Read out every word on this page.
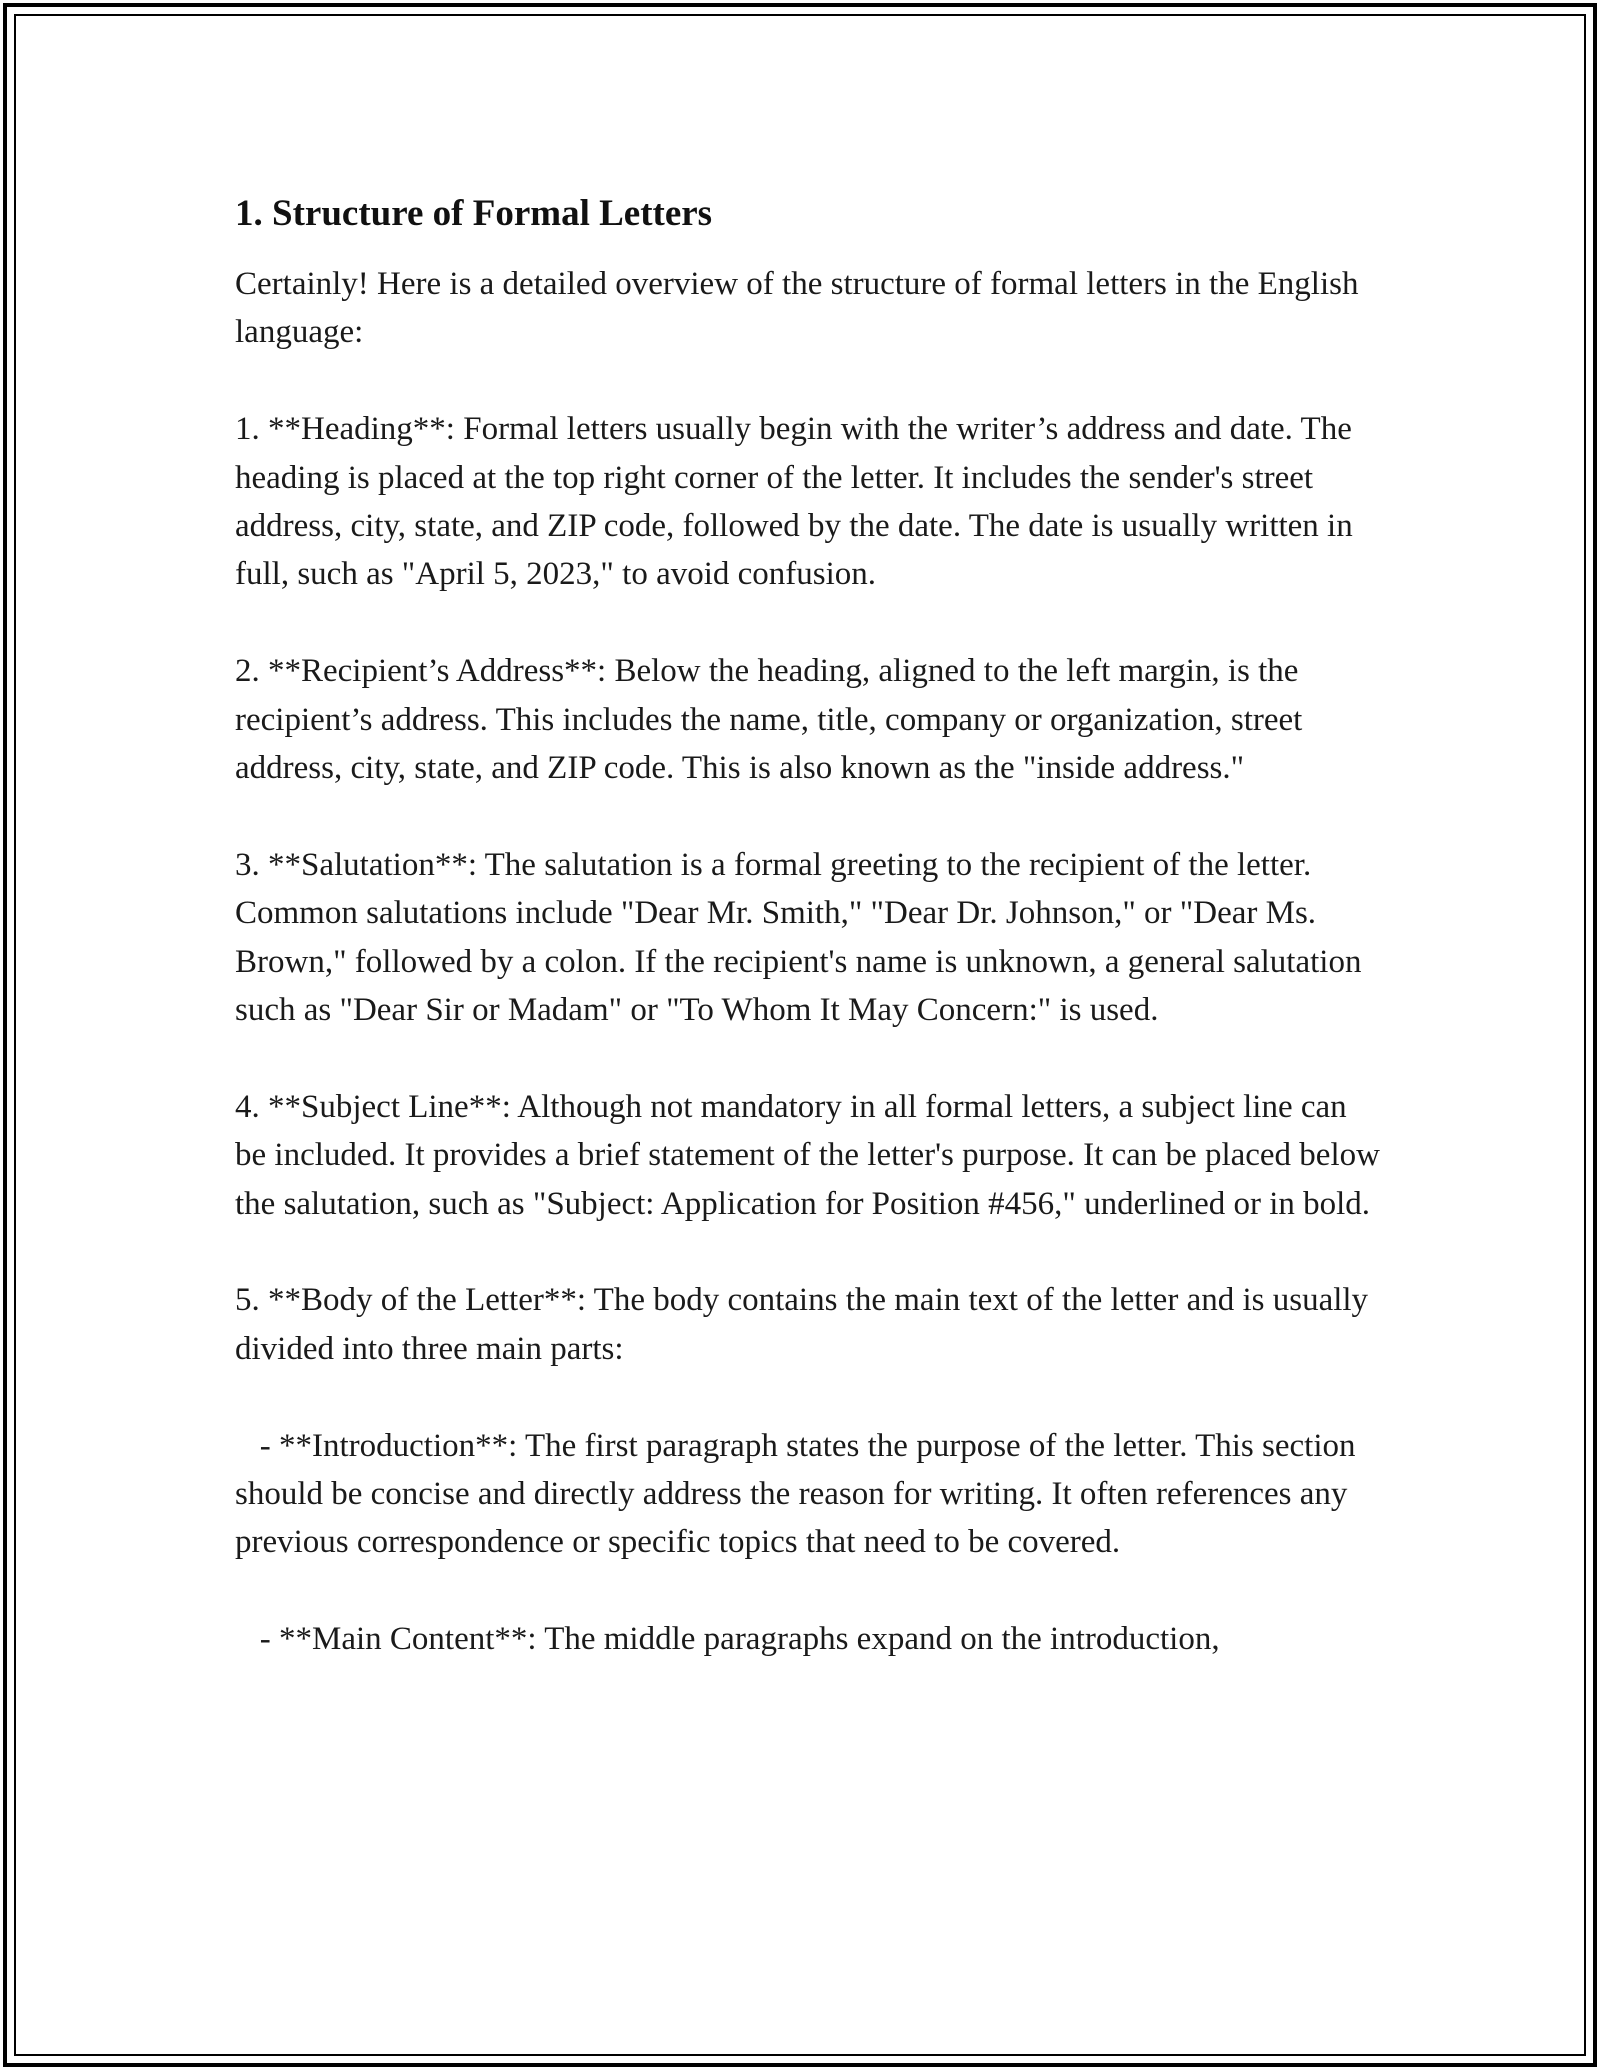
1. Structure of Formal Letters

Certainly! Here is a detailed overview of the structure of formal letters in the English language:

1. **Heading**: Formal letters usually begin with the writer’s address and date. The heading is placed at the top right corner of the letter. It includes the sender's street address, city, state, and ZIP code, followed by the date. The date is usually written in full, such as "April 5, 2023," to avoid confusion.

2. **Recipient’s Address**: Below the heading, aligned to the left margin, is the recipient’s address. This includes the name, title, company or organization, street address, city, state, and ZIP code. This is also known as the "inside address."

3. **Salutation**: The salutation is a formal greeting to the recipient of the letter. Common salutations include "Dear Mr. Smith," "Dear Dr. Johnson," or "Dear Ms. Brown," followed by a colon. If the recipient's name is unknown, a general salutation such as "Dear Sir or Madam" or "To Whom It May Concern:" is used.

4. **Subject Line**: Although not mandatory in all formal letters, a subject line can be included. It provides a brief statement of the letter's purpose. It can be placed below the salutation, such as "Subject: Application for Position #456," underlined or in bold.

5. **Body of the Letter**: The body contains the main text of the letter and is usually divided into three main parts:

- **Introduction**: The first paragraph states the purpose of the letter. This section should be concise and directly address the reason for writing. It often references any previous correspondence or specific topics that need to be covered.

- **Main Content**: The middle paragraphs expand on the introduction,
